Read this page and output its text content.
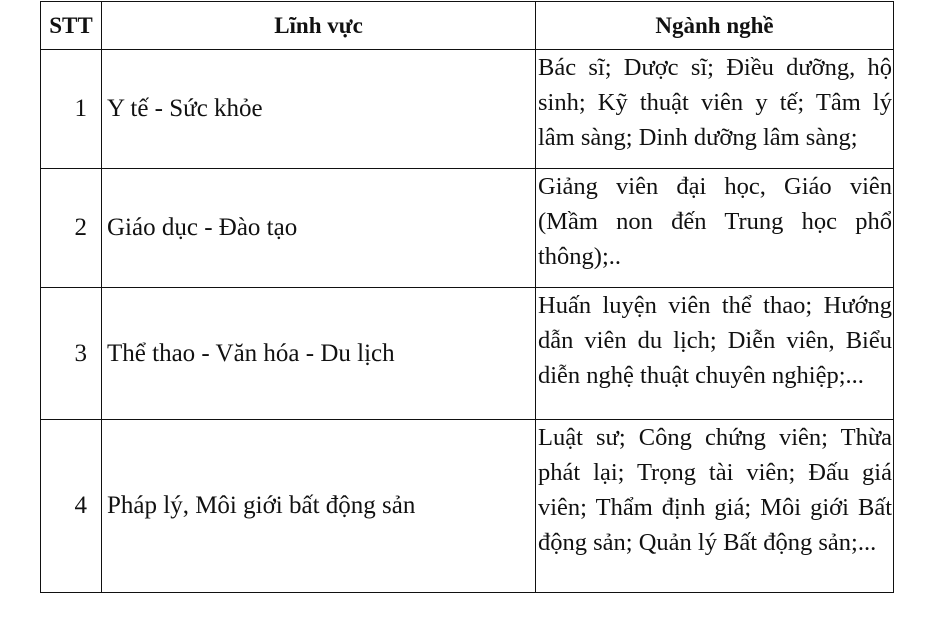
STT	Lĩnh vực	Ngành nghề
1	Y tế - Sức khỏe	Bác sĩ; Dược sĩ; Điều dưỡng, hộ sinh; Kỹ thuật viên y tế; Tâm lý lâm sàng; Dinh dưỡng lâm sàng;

2	Giáo dục - Đào tạo	Giảng viên đại học, Giáo viên (Mầm non đến Trung học phổ thông);..

3	Thể thao - Văn hóa - Du lịch	Huấn luyện viên thể thao; Hướng dẫn viên du lịch; Diễn viên, Biểu diễn nghệ thuật chuyên nghiệp;...

4	Pháp lý, Môi giới bất động sản	Luật sư; Công chứng viên; Thừa phát lại; Trọng tài viên; Đấu giá viên; Thẩm định giá; Môi giới Bất động sản; Quản lý Bất động sản;...
